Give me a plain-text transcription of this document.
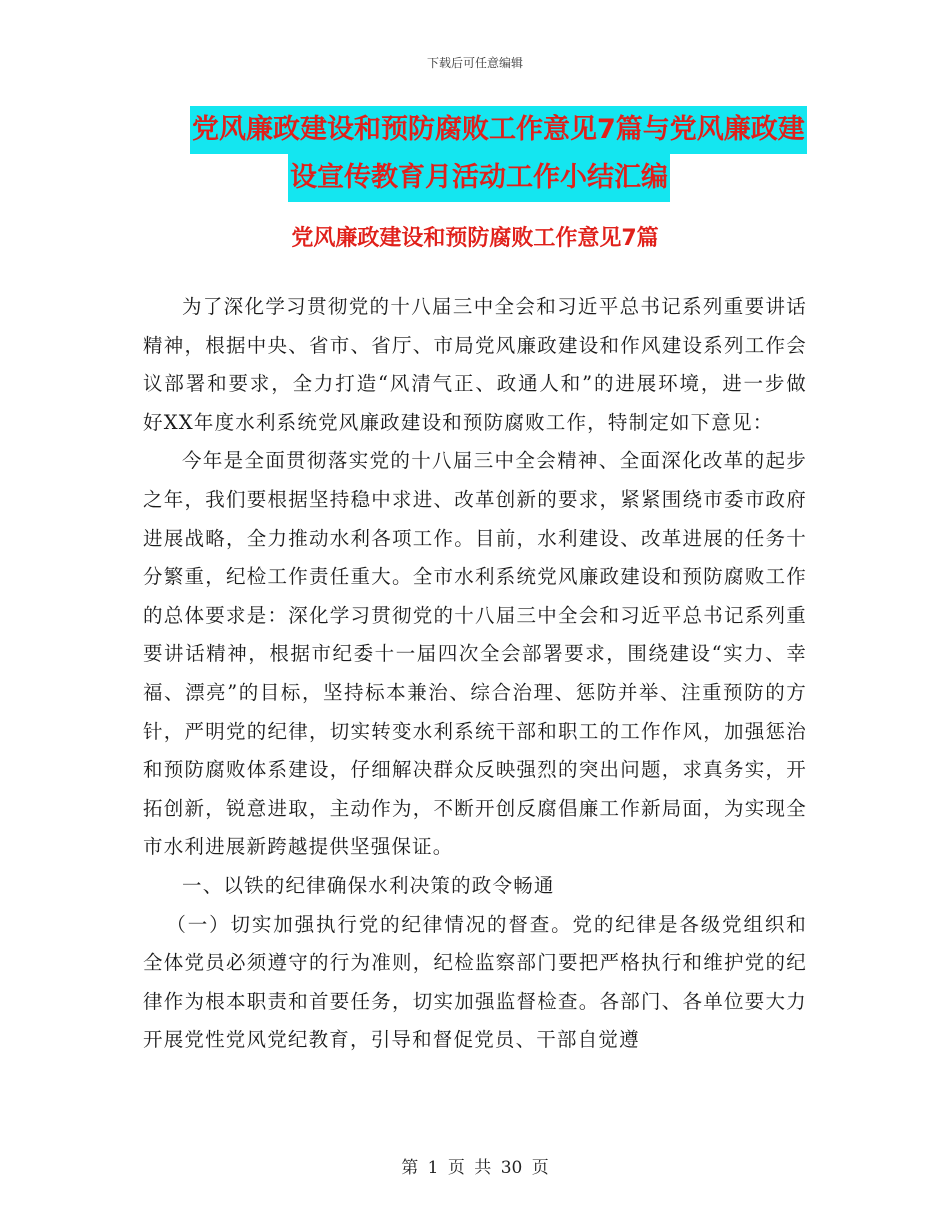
下载后可任意编辑
党风廉政建设和预防腐败工作意见7篇与党风廉政建
设宣传教育月活动工作小结汇编
党风廉政建设和预防腐败工作意见7篇

为了深化学习贯彻党的十八届三中全会和习近平总书记系列重要讲话精神，根据中央、省市、省厅、市局党风廉政建设和作风建设系列工作会议部署和要求，全力打造“风清气正、政通人和”的进展环境，进一步做好XX年度水利系统党风廉政建设和预防腐败工作，特制定如下意见：

今年是全面贯彻落实党的十八届三中全会精神、全面深化改革的起步之年，我们要根据坚持稳中求进、改革创新的要求，紧紧围绕市委市政府进展战略，全力推动水利各项工作。目前，水利建设、改革进展的任务十分繁重，纪检工作责任重大。全市水利系统党风廉政建设和预防腐败工作的总体要求是：深化学习贯彻党的十八届三中全会和习近平总书记系列重要讲话精神，根据市纪委十一届四次全会部署要求，围绕建设“实力、幸福、漂亮”的目标，坚持标本兼治、综合治理、惩防并举、注重预防的方针，严明党的纪律，切实转变水利系统干部和职工的工作作风，加强惩治和预防腐败体系建设，仔细解决群众反映强烈的突出问题，求真务实，开拓创新，锐意进取，主动作为，不断开创反腐倡廉工作新局面，为实现全市水利进展新跨越提供坚强保证。

一、以铁的纪律确保水利决策的政令畅通

（一）切实加强执行党的纪律情况的督查。党的纪律是各级党组织和全体党员必须遵守的行为准则，纪检监察部门要把严格执行和维护党的纪律作为根本职责和首要任务，切实加强监督检查。各部门、各单位要大力开展党性党风党纪教育，引导和督促党员、干部自觉遵

第 1 页 共 30 页
